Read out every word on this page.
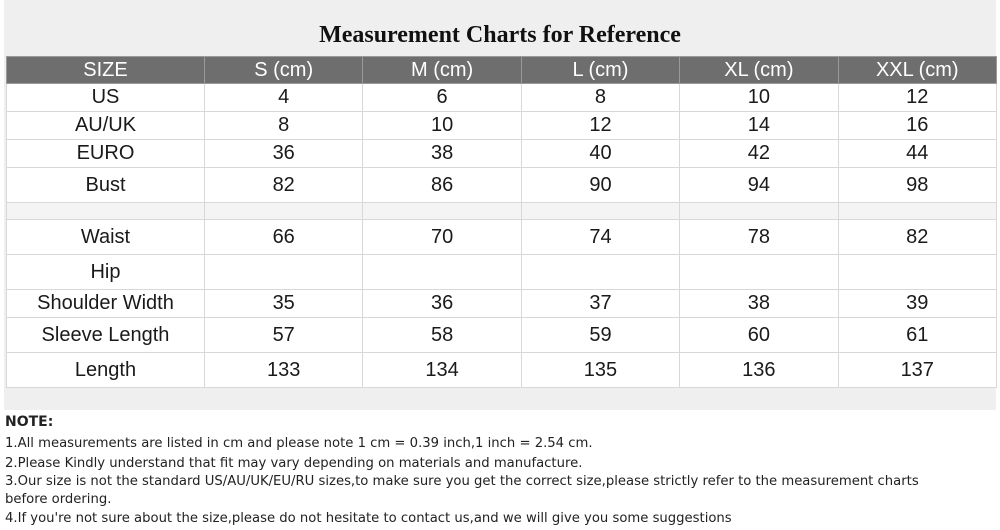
Measurement Charts for Reference
SIZE	S (cm)	M (cm)	L (cm)	XL (cm)	XXL (cm)
US	4	6	8	10	12
AU/UK	8	10	12	14	16
EURO	36	38	40	42	44
Bust	82	86	90	94	98

Waist	66	70	74	78	82
Hip					
Shoulder Width	35	36	37	38	39
Sleeve Length	57	58	59	60	61
Length	133	134	135	136	137

NOTE:

1.All measurements are listed in cm and please note 1 cm = 0.39 inch,1 inch = 2.54 cm.

2.Please Kindly understand that fit may vary depending on materials and manufacture.

3.Our size is not the standard US/AU/UK/EU/RU sizes,to make sure you get the correct size,please strictly refer to the measurement charts

before ordering.

4.If you're not sure about the size,please do not hesitate to contact us,and we will give you some suggestions
